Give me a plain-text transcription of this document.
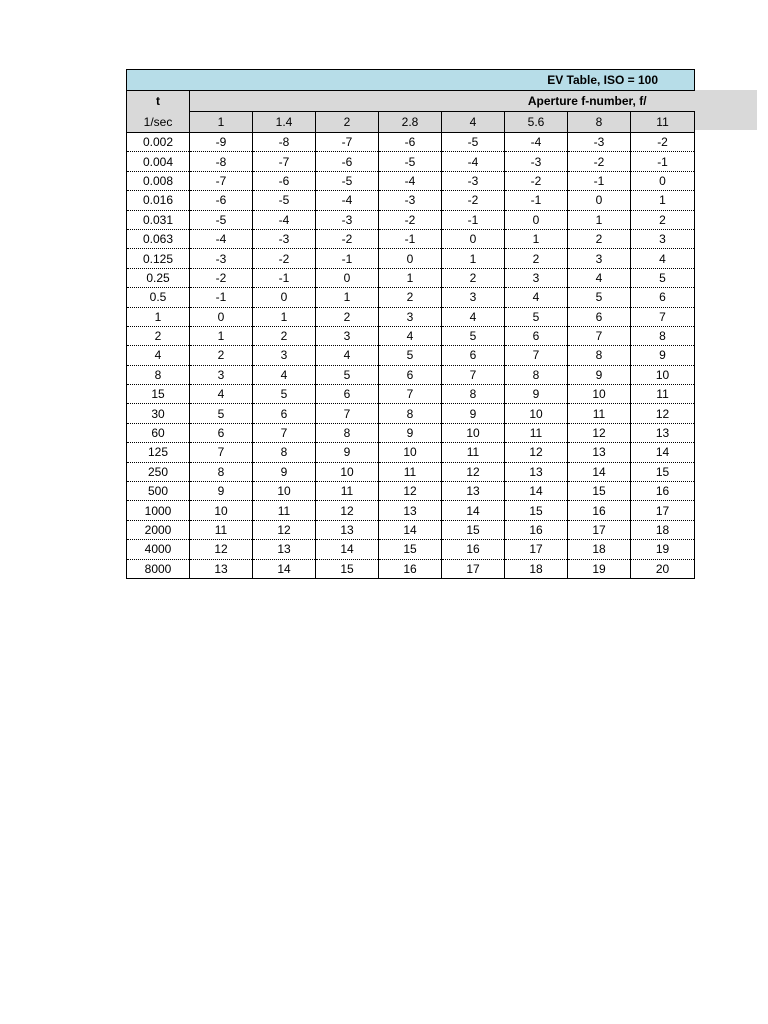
EV Table, ISO = 100								
t	Aperture f-number, f/							
1/sec	1	1.4	2	2.8	4	5.6	8	11
0.002	-9	-8	-7	-6	-5	-4	-3	-2
0.004	-8	-7	-6	-5	-4	-3	-2	-1
0.008	-7	-6	-5	-4	-3	-2	-1	0
0.016	-6	-5	-4	-3	-2	-1	0	1
0.031	-5	-4	-3	-2	-1	0	1	2
0.063	-4	-3	-2	-1	0	1	2	3
0.125	-3	-2	-1	0	1	2	3	4
0.25	-2	-1	0	1	2	3	4	5
0.5	-1	0	1	2	3	4	5	6
1	0	1	2	3	4	5	6	7
2	1	2	3	4	5	6	7	8
4	2	3	4	5	6	7	8	9
8	3	4	5	6	7	8	9	10
15	4	5	6	7	8	9	10	11
30	5	6	7	8	9	10	11	12
60	6	7	8	9	10	11	12	13
125	7	8	9	10	11	12	13	14
250	8	9	10	11	12	13	14	15
500	9	10	11	12	13	14	15	16
1000	10	11	12	13	14	15	16	17
2000	11	12	13	14	15	16	17	18
4000	12	13	14	15	16	17	18	19
8000	13	14	15	16	17	18	19	20
